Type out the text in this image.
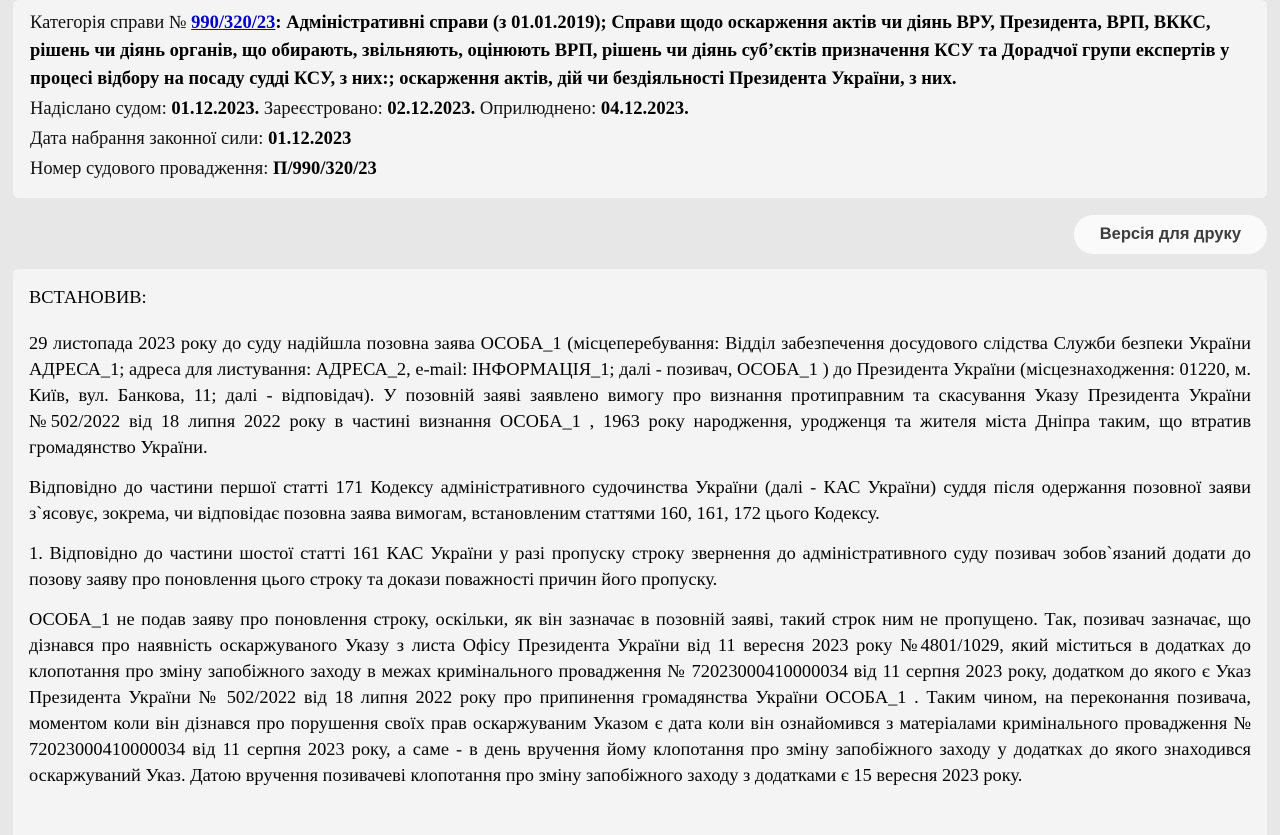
Категорія справи № 990/320/23: Адміністративні справи (з 01.01.2019); Справи щодо оскарження актів чи діянь ВРУ, Президента, ВРП, ВККС, рішень чи діянь органів, що обирають, звільняють, оцінюють ВРП, рішень чи діянь суб’єктів призначення КСУ та Дорадчої групи експертів у процесі відбору на посаду судді КСУ, з них:; оскарження актів, дій чи бездіяльності Президента України, з них.

Надіслано судом: 01.12.2023. Зареєстровано: 02.12.2023. Оприлюднено: 04.12.2023.

Дата набрання законної сили: 01.12.2023

Номер судового провадження: П/990/320/23

Версія для друку

ВСТАНОВИВ:

29 листопада 2023 року до суду надійшла позовна заява ОСОБА_1 (місцеперебування: Відділ забезпечення досудового слідства Служби безпеки України АДРЕСА_1; адреса для листування: АДРЕСА_2, e-mail: ІНФОРМАЦІЯ_1; далі - позивач, ОСОБА_1 ) до Президента України (місцезнаходження: 01220, м. Київ, вул. Банкова, 11; далі - відповідач). У позовній заяві заявлено вимогу про визнання протиправним та скасування Указу Президента України №502/2022 від 18 липня 2022 року в частині визнання ОСОБА_1 , 1963 року народження, уродженця та жителя міста Дніпра таким, що втратив громадянство України.

Відповідно до частини першої статті 171 Кодексу адміністративного судочинства України (далі - КАС України) суддя після одержання позовної заяви з`ясовує, зокрема, чи відповідає позовна заява вимогам, встановленим статтями 160, 161, 172 цього Кодексу.

1. Відповідно до частини шостої статті 161 КАС України у разі пропуску строку звернення до адміністративного суду позивач зобов`язаний додати до позову заяву про поновлення цього строку та докази поважності причин його пропуску.

ОСОБА_1 не подав заяву про поновлення строку, оскільки, як він зазначає в позовній заяві, такий строк ним не пропущено. Так, позивач зазначає, що дізнався про наявність оскаржуваного Указу з листа Офісу Президента України від 11 вересня 2023 року №4801/1029, який міститься в додатках до клопотання про зміну запобіжного заходу в межах кримінального провадження № 72023000410000034 від 11 серпня 2023 року, додатком до якого є Указ Президента України № 502/2022 від 18 липня 2022 року про припинення громадянства України ОСОБА_1 . Таким чином, на переконання позивача, моментом коли він дізнався про порушення своїх прав оскаржуваним Указом є дата коли він ознайомився з матеріалами кримінального провадження № 72023000410000034 від 11 серпня 2023 року, а саме - в день вручення йому клопотання про зміну запобіжного заходу у додатках до якого знаходився оскаржуваний Указ. Датою вручення позивачеві клопотання про зміну запобіжного заходу з додатками є 15 вересня 2023 року.
